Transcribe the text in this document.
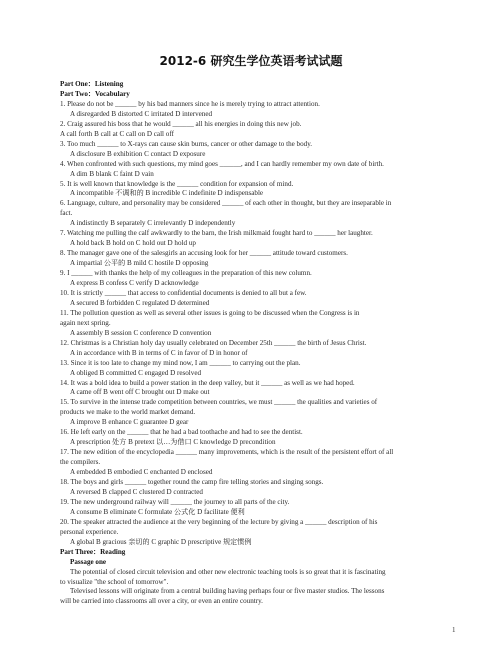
2012-6 研究生学位英语考试试题
Part One：Listening
Part Two：Vocabulary
1. Please do not be ______ by his bad manners since he is merely trying to attract attention.
A disregarded B distorted C irritated D intervened
2. Craig assured his boss that he would ______ all his energies in doing this new job.
A call forth B call at C call on D call off
3. Too much ______ to X-rays can cause skin burns, cancer or other damage to the body.
A disclosure B exhibition C contact D exposure
4. When confronted with such questions, my mind goes ______, and I can hardly remember my own date of birth.
A dim B blank C faint D vain
5. It is well known that knowledge is the ______ condition for expansion of mind.
A incompatible 不调和的 B incredible C indefinite D indispensable
6. Language, culture, and personality may be considered ______ of each other in thought, but they are inseparable in
fact.
A indistinctly B separately C irrelevantly D independently
7. Watching me pulling the calf awkwardly to the barn, the Irish milkmaid fought hard to ______ her laughter.
A hold back B hold on C hold out D hold up
8. The manager gave one of the salesgirls an accusing look for her ______ attitude toward customers.
A impartial 公平的 B mild C hostile D opposing
9. I ______ with thanks the help of my colleagues in the preparation of this new column.
A express B confess C verify D acknowledge
10. It is strictly ______ that access to confidential documents is denied to all but a few.
A secured B forbidden C regulated D determined
11. The pollution question as well as several other issues is going to be discussed when the Congress is in
again next spring.
A assembly B session C conference D convention
12. Christmas is a Christian holy day usually celebrated on December 25th ______ the birth of Jesus Christ.
A in accordance with B in terms of C in favor of D in honor of
13. Since it is too late to change my mind now, I am ______ to carrying out the plan.
A obliged B committed C engaged D resolved
14. It was a bold idea to build a power station in the deep valley, but it ______ as well as we had hoped.
A came off B went off C brought out D make out
15. To survive in the intense trade competition between countries, we must ______ the qualities and varieties of
products we make to the world market demand.
A improve B enhance C guarantee D gear
16. He left early on the ______ that he had a bad toothache and had to see the dentist.
A prescription 处方 B pretext 以…为借口 C knowledge D precondition
17. The new edition of the encyclopedia ______ many improvements, which is the result of the persistent effort of all
the compilers.
A embedded B embodied C enchanted D enclosed
18. The boys and girls ______ together round the camp fire telling stories and singing songs.
A reversed B clapped C clustered D contracted
19. The new underground railway will ______ the journey to all parts of the city.
A consume B eliminate C formulate 公式化 D facilitate 便利
20. The speaker attracted the audience at the very beginning of the lecture by giving a ______ description of his
personal experience.
A global B gracious 亲切的 C graphic D prescriptive 规定惯例
Part Three：Reading
Passage one
The potential of closed circuit television and other new electronic teaching tools is so great that it is fascinating
to visualize "the school of tomorrow".
Televised lessons will originate from a central building having perhaps four or five master studios. The lessons
will be carried into classrooms all over a city, or even an entire country.
1
